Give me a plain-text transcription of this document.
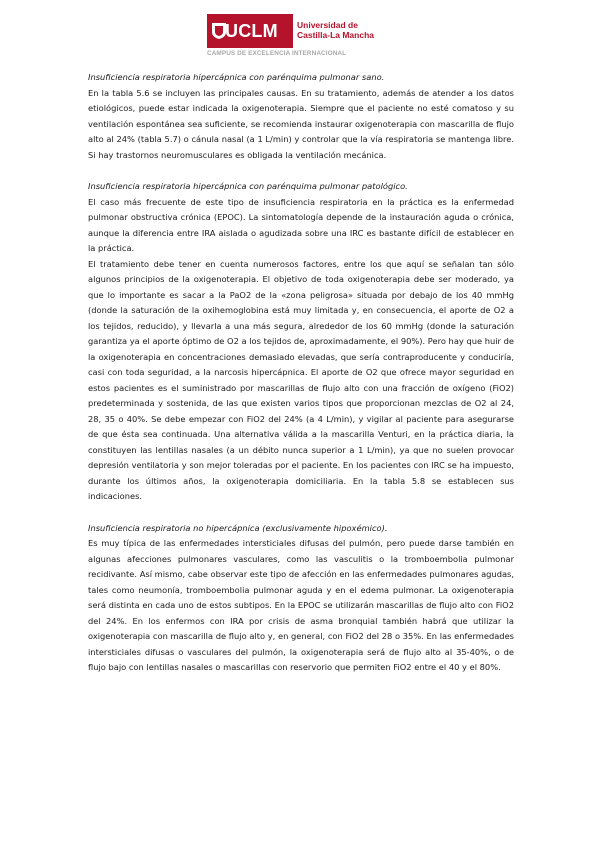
UCLM Universidad de
Castilla-La Mancha
CAMPUS DE EXCELENCIA INTERNACIONAL

Insuficiencia respiratoria hipercápnica con parénquima pulmonar sano.

En la tabla 5.6 se incluyen las principales causas. En su tratamiento, además de atender a los datos etiológicos, puede estar indicada la oxigenoterapia. Siempre que el paciente no esté comatoso y su ventilación espontánea sea suficiente, se recomienda instaurar oxigenoterapia con mascarilla de flujo alto al 24% (tabla 5.7) o cánula nasal (a 1 L/min) y controlar que la vía respiratoria se mantenga libre. Si hay trastornos neuromusculares es obligada la ventilación mecánica.

Insuficiencia respiratoria hipercápnica con parénquima pulmonar patológico.

El caso más frecuente de este tipo de insuficiencia respiratoria en la práctica es la enfermedad pulmonar obstructiva crónica (EPOC). La sintomatología depende de la instauración aguda o crónica, aunque la diferencia entre IRA aislada o agudizada sobre una IRC es bastante difícil de establecer en la práctica.

El tratamiento debe tener en cuenta numerosos factores, entre los que aquí se señalan tan sólo algunos principios de la oxigenoterapia. El objetivo de toda oxigenoterapia debe ser moderado, ya que lo importante es sacar a la PaO2 de la «zona peligrosa» situada por debajo de los 40 mmHg (donde la saturación de la oxihemoglobina está muy limitada y, en consecuencia, el aporte de O2 a los tejidos, reducido), y llevarla a una más segura, alrededor de los 60 mmHg (donde la saturación garantiza ya el aporte óptimo de O2 a los tejidos de, aproximadamente, el 90%). Pero hay que huir de la oxigenoterapia en concentraciones demasiado elevadas, que sería contraproducente y conduciría, casi con toda seguridad, a la narcosis hipercápnica. El aporte de O2 que ofrece mayor seguridad en estos pacientes es el suministrado por mascarillas de flujo alto con una fracción de oxígeno (FiO2) predeterminada y sostenida, de las que existen varios tipos que proporcionan mezclas de O2 al 24, 28, 35 o 40%. Se debe empezar con FiO2 del 24% (a 4 L/min), y vigilar al paciente para asegurarse de que ésta sea continuada. Una alternativa válida a la mascarilla Venturi, en la práctica diaria, la constituyen las lentillas nasales (a un débito nunca superior a 1 L/min), ya que no suelen provocar depresión ventilatoria y son mejor toleradas por el paciente. En los pacientes con IRC se ha impuesto, durante los últimos años, la oxigenoterapia domiciliaria. En la tabla 5.8 se establecen sus indicaciones.

Insuficiencia respiratoria no hipercápnica (exclusivamente hipoxémico).

Es muy típica de las enfermedades intersticiales difusas del pulmón, pero puede darse también en algunas afecciones pulmonares vasculares, como las vasculitis o la tromboembolia pulmonar recidivante. Así mismo, cabe observar este tipo de afección en las enfermedades pulmonares agudas, tales como neumonía, tromboembolia pulmonar aguda y en el edema pulmonar. La oxigenoterapia será distinta en cada uno de estos subtipos. En la EPOC se utilizarán mascarillas de flujo alto con FiO2 del 24%. En los enfermos con IRA por crisis de asma bronquial también habrá que utilizar la oxigenoterapia con mascarilla de flujo alto y, en general, con FiO2 del 28 o 35%. En las enfermedades intersticiales difusas o vasculares del pulmón, la oxigenoterapia será de flujo alto al 35-40%, o de flujo bajo con lentillas nasales o mascarillas con reservorio que permiten FiO2 entre el 40 y el 80%.
